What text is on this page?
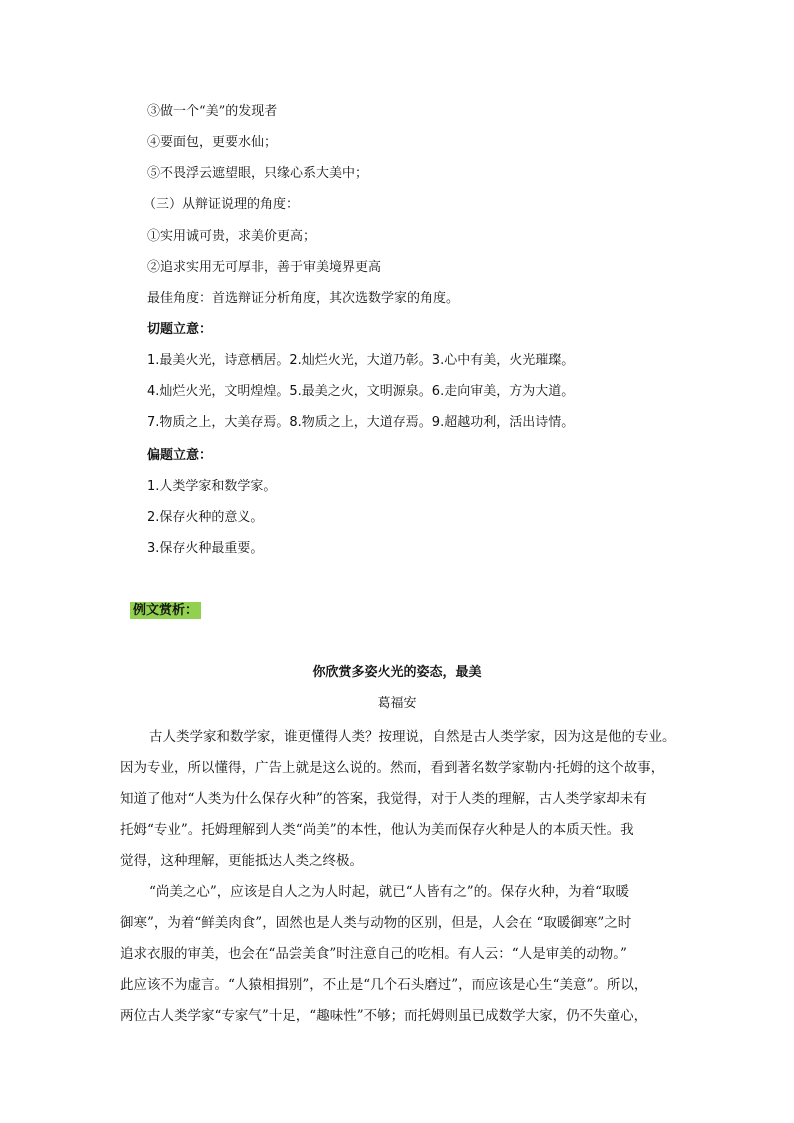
③做一个“美”的发现者
④要面包，更要水仙；
⑤不畏浮云遮望眼，只缘心系大美中；
（三）从辩证说理的角度：
①实用诚可贵，求美价更高；
②追求实用无可厚非，善于审美境界更高
最佳角度：首选辩证分析角度，其次选数学家的角度。
切题立意：
1.最美火光，诗意栖居。2.灿烂火光，大道乃彰。3.心中有美，火光璀璨。
4.灿烂火光，文明煌煌。5.最美之火，文明源泉。6.走向审美，方为大道。
7.物质之上，大美存焉。8.物质之上，大道存焉。9.超越功利，活出诗情。
偏题立意：
1.人类学家和数学家。
2.保存火种的意义。
3.保存火种最重要。
例文赏析：
你欣赏多姿火光的姿态，最美
葛福安
古人类学家和数学家，谁更懂得人类？按理说，自然是古人类学家，因为这是他的专业。
因为专业，所以懂得，广告上就是这么说的。然而，看到著名数学家勒内·托姆的这个故事，
知道了他对“人类为什么保存火种”的答案，我觉得，对于人类的理解，古人类学家却未有
托姆“专业”。托姆理解到人类“尚美”的本性，他认为美而保存火种是人的本质天性。我
觉得，这种理解，更能抵达人类之终极。
“尚美之心”，应该是自人之为人时起，就已“人皆有之”的。保存火种，为着“取暖
御寒”，为着“鲜美肉食”，固然也是人类与动物的区别，但是，人会在 “取暖御寒”之时
追求衣服的审美，也会在“品尝美食”时注意自己的吃相。有人云：“人是审美的动物。”
此应该不为虚言。“人猿相揖别”，不止是“几个石头磨过”，而应该是心生“美意”。所以，
两位古人类学家“专家气”十足，“趣味性”不够；而托姆则虽已成数学大家，仍不失童心，
